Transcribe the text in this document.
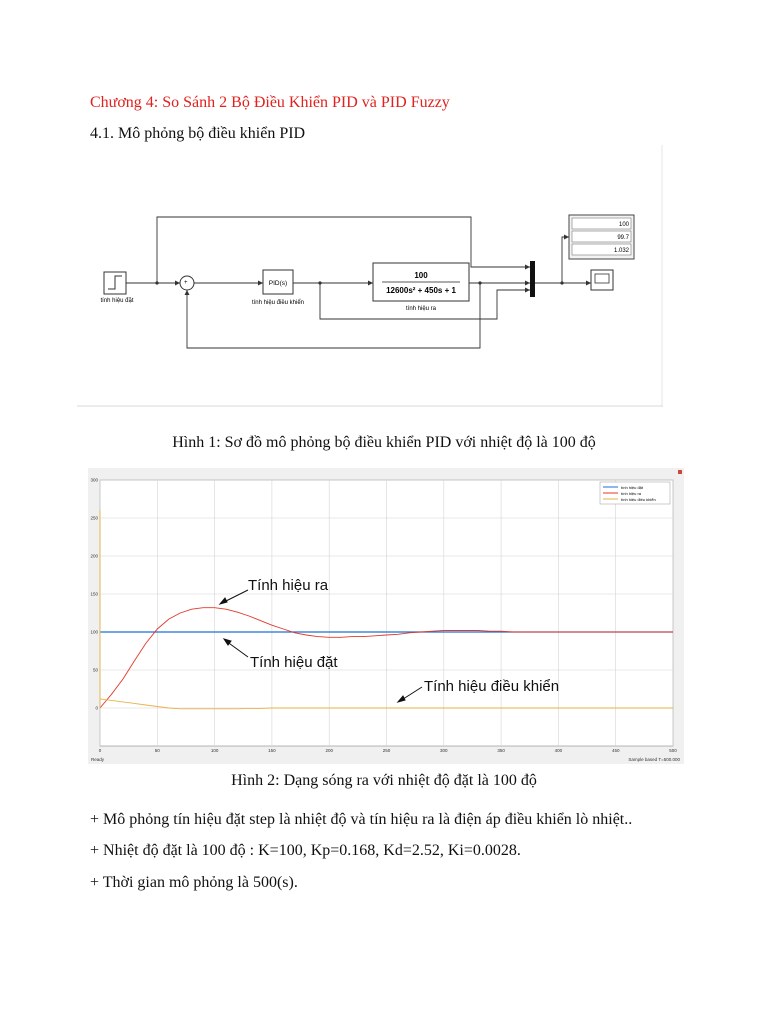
Chương 4: So Sánh 2 Bộ Điều Khiển PID và PID Fuzzy
4.1. Mô phỏng bộ điều khiển PID
tính hiệu đặt
+	PID(s)
tính hiệu điều khiển
100
12600s² + 450s + 1
tính hiệu ra
100
99.7
1.032
Hình 1: Sơ đồ mô phỏng bộ điều khiển PID với nhiệt độ là 100 độ
300
250
200
150
100
50
0
0	50	100	150	200	250	300	350	400	450	500
tính hiệu đặt
tính hiệu ra
tính hiệu điều khiển
Tính hiệu ra
Tính hiệu đặt
Tính hiệu điều khiển
Ready	Sample based T=500.000
Hình 2: Dạng sóng ra với nhiệt độ đặt là 100 độ
+ Mô phỏng tín hiệu đặt step là nhiệt độ và tín hiệu ra là điện áp điều khiển lò nhiệt..
+ Nhiệt độ đặt là 100 độ : K=100, Kp=0.168, Kd=2.52, Ki=0.0028.
+ Thời gian mô phỏng là 500(s).
